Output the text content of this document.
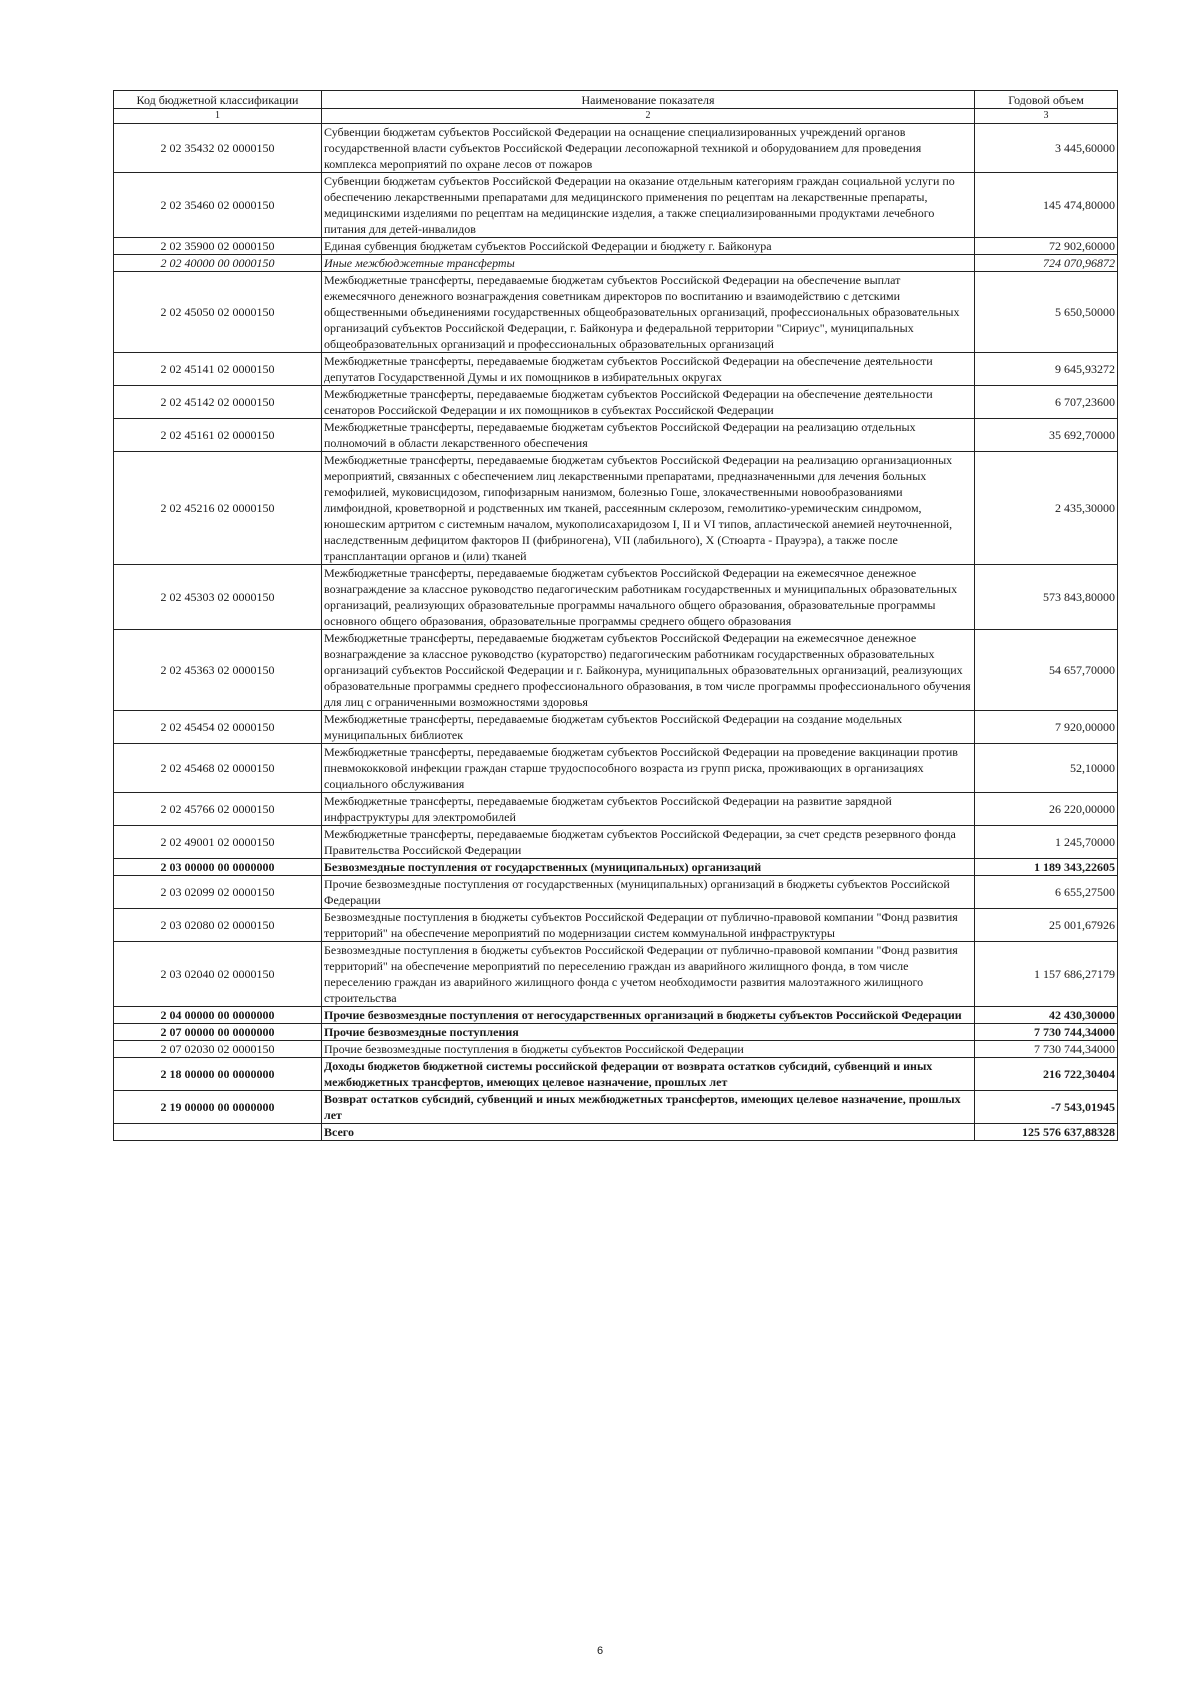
Код бюджетной классификации	Наименование показателя	Годовой объем
1	2	3
2 02 35432 02 0000150	Субвенции бюджетам субъектов Российской Федерации на оснащение специализированных учреждений органов государственной власти субъектов Российской Федерации лесопожарной техникой и оборудованием для проведения комплекса мероприятий по охране лесов от пожаров	3 445,60000
2 02 35460 02 0000150	Субвенции бюджетам субъектов Российской Федерации на оказание отдельным категориям граждан социальной услуги по обеспечению лекарственными препаратами для медицинского применения по рецептам на лекарственные препараты, медицинскими изделиями по рецептам на медицинские изделия, а также специализированными продуктами лечебного питания для детей-инвалидов	145 474,80000
2 02 35900 02 0000150	Единая субвенция бюджетам субъектов Российской Федерации и бюджету г. Байконура	72 902,60000
2 02 40000 00 0000150	Иные межбюджетные трансферты	724 070,96872
2 02 45050 02 0000150	Межбюджетные трансферты, передаваемые бюджетам субъектов Российской Федерации на обеспечение выплат ежемесячного денежного вознаграждения советникам директоров по воспитанию и взаимодействию с детскими общественными объединениями государственных общеобразовательных организаций, профессиональных образовательных организаций субъектов Российской Федерации, г. Байконура и федеральной территории "Сириус", муниципальных общеобразовательных организаций и профессиональных образовательных организаций	5 650,50000
2 02 45141 02 0000150	Межбюджетные трансферты, передаваемые бюджетам субъектов Российской Федерации на обеспечение деятельности депутатов Государственной Думы и их помощников в избирательных округах	9 645,93272
2 02 45142 02 0000150	Межбюджетные трансферты, передаваемые бюджетам субъектов Российской Федерации на обеспечение деятельности сенаторов Российской Федерации и их помощников в субъектах Российской Федерации	6 707,23600
2 02 45161 02 0000150	Межбюджетные трансферты, передаваемые бюджетам субъектов Российской Федерации на реализацию отдельных полномочий в области лекарственного обеспечения	35 692,70000
2 02 45216 02 0000150	Межбюджетные трансферты, передаваемые бюджетам субъектов Российской Федерации на реализацию организационных мероприятий, связанных с обеспечением лиц лекарственными препаратами, предназначенными для лечения больных гемофилией, муковисцидозом, гипофизарным нанизмом, болезнью Гоше, злокачественными новообразованиями лимфоидной, кроветворной и родственных им тканей, рассеянным склерозом, гемолитико-уремическим синдромом, юношеским артритом с системным началом, мукополисахаридозом I, II и VI типов, апластической анемией неуточненной, наследственным дефицитом факторов II (фибриногена), VII (лабильного), X (Стюарта - Прауэра), а также после трансплантации органов и (или) тканей	2 435,30000
2 02 45303 02 0000150	Межбюджетные трансферты, передаваемые бюджетам субъектов Российской Федерации на ежемесячное денежное вознаграждение за классное руководство педагогическим работникам государственных и муниципальных образовательных организаций, реализующих образовательные программы начального общего образования, образовательные программы основного общего образования, образовательные программы среднего общего образования	573 843,80000
2 02 45363 02 0000150	Межбюджетные трансферты, передаваемые бюджетам субъектов Российской Федерации на ежемесячное денежное вознаграждение за классное руководство (кураторство) педагогическим работникам государственных образовательных организаций субъектов Российской Федерации и г. Байконура, муниципальных образовательных организаций, реализующих образовательные программы среднего профессионального образования, в том числе программы профессионального обучения для лиц с ограниченными возможностями здоровья	54 657,70000
2 02 45454 02 0000150	Межбюджетные трансферты, передаваемые бюджетам субъектов Российской Федерации на создание модельных муниципальных библиотек	7 920,00000
2 02 45468 02 0000150	Межбюджетные трансферты, передаваемые бюджетам субъектов Российской Федерации на проведение вакцинации против пневмококковой инфекции граждан старше трудоспособного возраста из групп риска, проживающих в организациях социального обслуживания	52,10000
2 02 45766 02 0000150	Межбюджетные трансферты, передаваемые бюджетам субъектов Российской Федерации на развитие зарядной инфраструктуры для электромобилей	26 220,00000
2 02 49001 02 0000150	Межбюджетные трансферты, передаваемые бюджетам субъектов Российской Федерации, за счет средств резервного фонда Правительства Российской Федерации	1 245,70000
2 03 00000 00 0000000	Безвозмездные поступления от государственных (муниципальных) организаций	1 189 343,22605
2 03 02099 02 0000150	Прочие безвозмездные поступления от государственных (муниципальных) организаций в бюджеты субъектов Российской Федерации	6 655,27500
2 03 02080 02 0000150	Безвозмездные поступления в бюджеты субъектов Российской Федерации от публично-правовой компании "Фонд развития территорий" на обеспечение мероприятий по модернизации систем коммунальной инфраструктуры	25 001,67926
2 03 02040 02 0000150	Безвозмездные поступления в бюджеты субъектов Российской Федерации от публично-правовой компании "Фонд развития территорий" на обеспечение мероприятий по переселению граждан из аварийного жилищного фонда, в том числе переселению граждан из аварийного жилищного фонда с учетом необходимости развития малоэтажного жилищного строительства	1 157 686,27179
2 04 00000 00 0000000	Прочие безвозмездные поступления от негосударственных организаций в бюджеты субъектов Российской Федерации	42 430,30000
2 07 00000 00 0000000	Прочие безвозмездные поступления	7 730 744,34000
2 07 02030 02 0000150	Прочие безвозмездные поступления в бюджеты субъектов Российской Федерации	7 730 744,34000
2 18 00000 00 0000000	Доходы бюджетов бюджетной системы российской федерации от возврата остатков субсидий, субвенций и иных межбюджетных трансфертов, имеющих целевое назначение, прошлых лет	216 722,30404
2 19 00000 00 0000000	Возврат остатков субсидий, субвенций и иных межбюджетных трансфертов, имеющих целевое назначение, прошлых лет	-7 543,01945
	Всего	125 576 637,88328
6
